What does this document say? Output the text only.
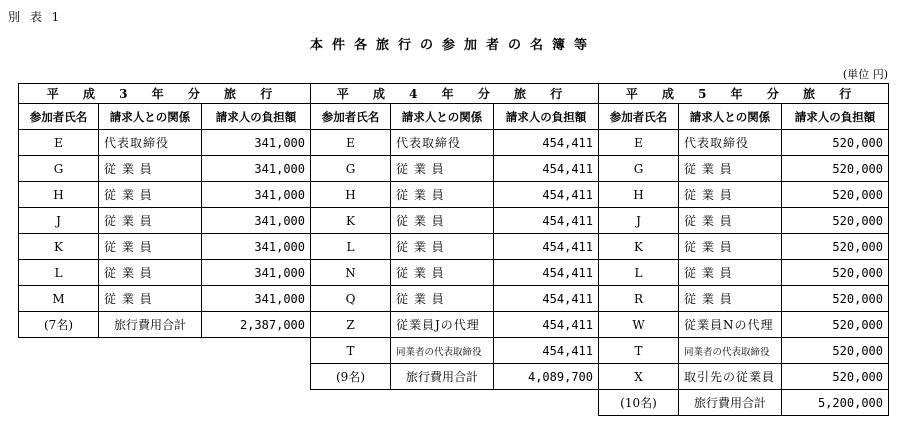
別 表 1
本件各旅行の参加者の名簿等
(単位 円)
平 成 3 年 分 旅 行		
参加者氏名	請求人との関係	請求人の負担額
E	代表取締役	341,000
G	従 業 員	341,000
H	従 業 員	341,000
J	従 業 員	341,000
K	従 業 員	341,000
L	従 業 員	341,000
M	従 業 員	341,000
(7名)	旅行費用合計	2,387,000
平 成 4 年 分 旅 行		
参加者氏名	請求人との関係	請求人の負担額
E	代表取締役	454,411
G	従 業 員	454,411
H	従 業 員	454,411
K	従 業 員	454,411
L	従 業 員	454,411
N	従 業 員	454,411
Q	従 業 員	454,411
Z	従業員Jの代理	454,411
T	同業者の代表取締役	454,411
(9名)	旅行費用合計	4,089,700
平 成 5 年 分 旅 行		
参加者氏名	請求人との関係	請求人の負担額
E	代表取締役	520,000
G	従 業 員	520,000
H	従 業 員	520,000
J	従 業 員	520,000
K	従 業 員	520,000
L	従 業 員	520,000
R	従 業 員	520,000
W	従業員Nの代理	520,000
T	同業者の代表取締役	520,000
X	取引先の従業員	520,000
(10名)	旅行費用合計	5,200,000
